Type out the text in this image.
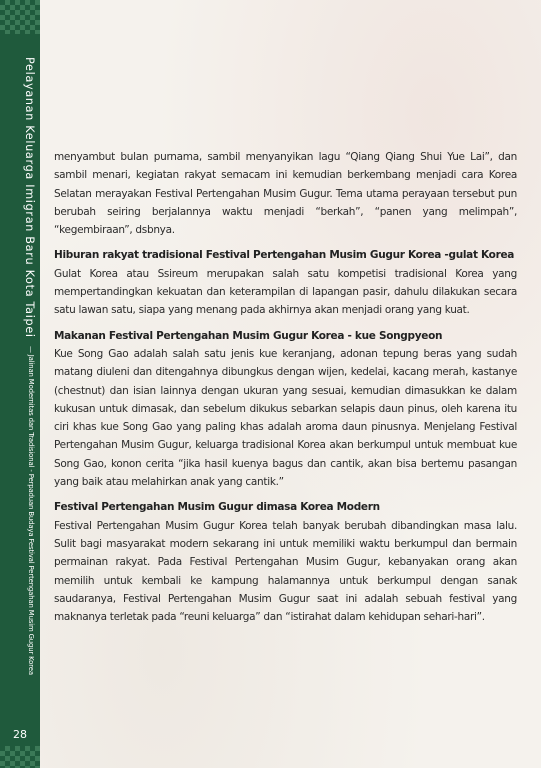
Pelayanan Keluarga Imigran Baru Kota Taipei
— Jalinan Modernitas dan Tradisional - Perpaduan Budaya Festival Pertengahan Musim Gugur Korea
28

menyambut bulan purnama, sambil menyanyikan lagu “Qiang Qiang Shui Yue Lai”, dan sambil menari, kegiatan rakyat semacam ini kemudian berkembang menjadi cara Korea Selatan merayakan Festival Pertengahan Musim Gugur. Tema utama perayaan tersebut pun berubah seiring berjalannya waktu menjadi “berkah”, “panen yang melimpah”, “kegembiraan”, dsbnya.

Hiburan rakyat tradisional Festival Pertengahan Musim Gugur Korea -gulat Korea

Gulat Korea atau Ssireum merupakan salah satu kompetisi tradisional Korea yang mempertandingkan kekuatan dan keterampilan di lapangan pasir, dahulu dilakukan secara satu lawan satu, siapa yang menang pada akhirnya akan menjadi orang yang kuat.

Makanan Festival Pertengahan Musim Gugur Korea - kue Songpyeon

Kue Song Gao adalah salah satu jenis kue keranjang, adonan tepung beras yang sudah matang diuleni dan ditengahnya dibungkus dengan wijen, kedelai, kacang merah, kastanye (chestnut) dan isian lainnya dengan ukuran yang sesuai, kemudian dimasukkan ke dalam kukusan untuk dimasak, dan sebelum dikukus sebarkan selapis daun pinus, oleh karena itu ciri khas kue Song Gao yang paling khas adalah aroma daun pinusnya. Menjelang Festival Pertengahan Musim Gugur, keluarga tradisional Korea akan berkumpul untuk membuat kue Song Gao, konon cerita “jika hasil kuenya bagus dan cantik, akan bisa bertemu pasangan yang baik atau melahirkan anak yang cantik.”

Festival Pertengahan Musim Gugur dimasa Korea Modern

Festival Pertengahan Musim Gugur Korea telah banyak berubah dibandingkan masa lalu. Sulit bagi masyarakat modern sekarang ini untuk memiliki waktu berkumpul dan bermain permainan rakyat. Pada Festival Pertengahan Musim Gugur, kebanyakan orang akan memilih untuk kembali ke kampung halamannya untuk berkumpul dengan sanak saudaranya, Festival Pertengahan Musim Gugur saat ini adalah sebuah festival yang maknanya terletak pada “reuni keluarga” dan “istirahat dalam kehidupan sehari-hari”.
